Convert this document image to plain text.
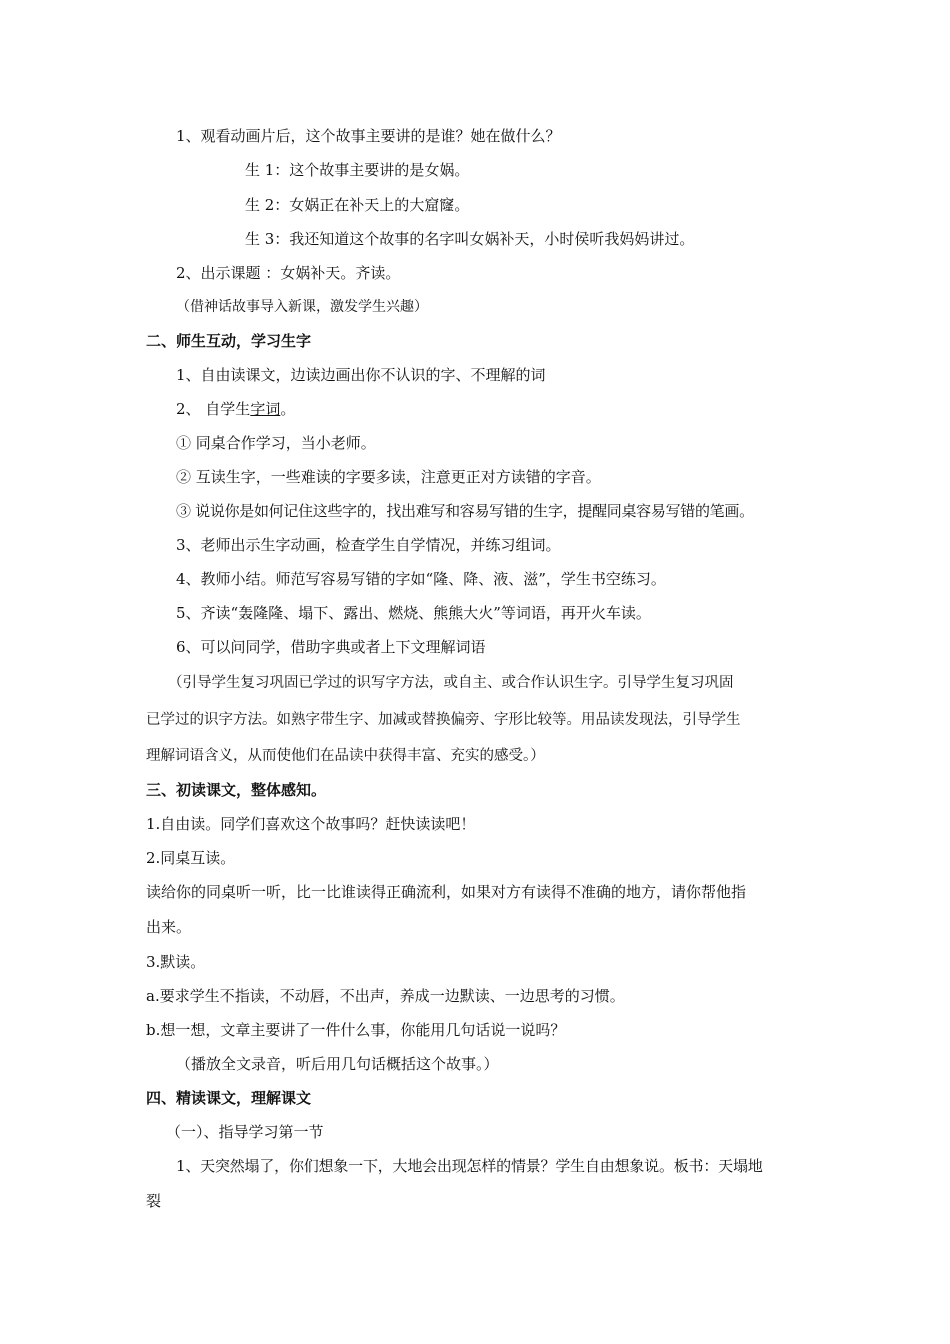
1、观看动画片后，这个故事主要讲的是谁？她在做什么？
生 1：这个故事主要讲的是女娲。
生 2：女娲正在补天上的大窟窿。
生 3：我还知道这个故事的名字叫女娲补天，小时侯听我妈妈讲过。
2、出示课题 ：女娲补天。齐读。
（借神话故事导入新课，激发学生兴趣）
二、师生互动，学习生字
1、自由读课文，边读边画出你不认识的字、不理解的词
2、 自学生字词。
① 同桌合作学习，当小老师。
② 互读生字，一些难读的字要多读，注意更正对方读错的字音。
③ 说说你是如何记住这些字的，找出难写和容易写错的生字，提醒同桌容易写错的笔画。
3、老师出示生字动画，检查学生自学情况，并练习组词。
4、教师小结。师范写容易写错的字如“隆、降、液、滋”，学生书空练习。
5、齐读“轰隆隆、塌下、露出、燃烧、熊熊大火”等词语，再开火车读。
6、可以问同学，借助字典或者上下文理解词语
（引导学生复习巩固已学过的识写字方法，或自主、或合作认识生字。引导学生复习巩固
已学过的识字方法。如熟字带生字、加减或替换偏旁、字形比较等。用品读发现法，引导学生
理解词语含义，从而使他们在品读中获得丰富、充实的感受。）
三、初读课文，整体感知。
1.自由读。同学们喜欢这个故事吗？赶快读读吧！
2.同桌互读。
读给你的同桌听一听，比一比谁读得正确流利，如果对方有读得不准确的地方，请你帮他指
出来。
3.默读。
a.要求学生不指读，不动唇，不出声，养成一边默读、一边思考的习惯。
b.想一想，文章主要讲了一件什么事，你能用几句话说一说吗？
（播放全文录音，听后用几句话概括这个故事。）
四、精读课文，理解课文
（一）、指导学习第一节
1、天突然塌了，你们想象一下，大地会出现怎样的情景？学生自由想象说。板书：天塌地
裂
